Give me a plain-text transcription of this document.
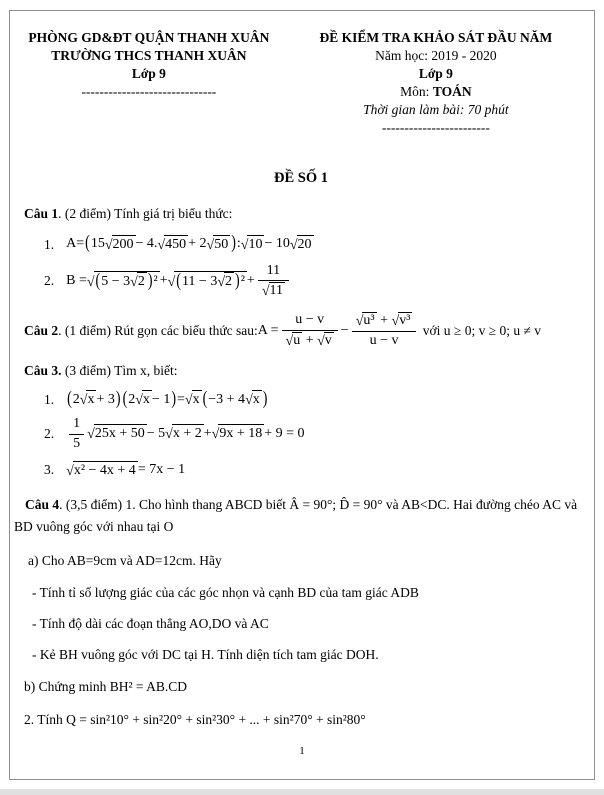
PHÒNG GD&ĐT QUẬN THANH XUÂN
TRƯỜNG THCS THANH XUÂN
Lớp 9
------------------------------
ĐỀ KIỂM TRA KHẢO SÁT ĐẦU NĂM
Năm học: 2019 - 2020
Lớp 9
Môn: TOÁN
Thời gian làm bài: 70 phút
------------------------
ĐỀ SỐ 1
Câu 1. (2 điểm) Tính giá trị biểu thức:
1. A= ( 15 √200 − 4. √450 + 2 √50 ) : √10 − 10 √20
2. B = √(5 − 3√2 )² + √(11 − 3√2 )$^2 + \frac{11}{√11}$
Câu 2. (1 điểm) Rút gọn các biểu thức sau: $A = \frac{u - v}{√u + √v} - \frac{\text{√u³ + √v³}}{u - v}$ với u ≥ 0; v ≥ 0; u ≠ v
Câu 3. (3 điểm) Tìm x, biết:
1. ( 2 √x + 3 ) ( 2 √x − 1 ) = √x ( −3 + 4 √x )
2. $\frac{1}{5} √25x + 50 - 5$ √x + 2 + √9x + 18 + 9 = 0
3. √x² − 4x + 4 = 7x − 1
Câu 4. (3,5 điểm) 1. Cho hình thang ABCD biết Â = 90°; D̂ = 90° và AB<DC. Hai đường chéo AC và BD vuông góc với nhau tại O
a) Cho AB=9cm và AD=12cm. Hãy
- Tính tỉ số lượng giác của các góc nhọn và cạnh BD của tam giác ADB
- Tính độ dài các đoạn thẳng AO,DO và AC
- Kẻ BH vuông góc với DC tại H. Tính diện tích tam giác DOH.
b) Chứng minh BH² = AB.CD
2. Tính Q = sin²10° + sin²20° + sin²30° + ... + sin²70° + sin²80°
1
